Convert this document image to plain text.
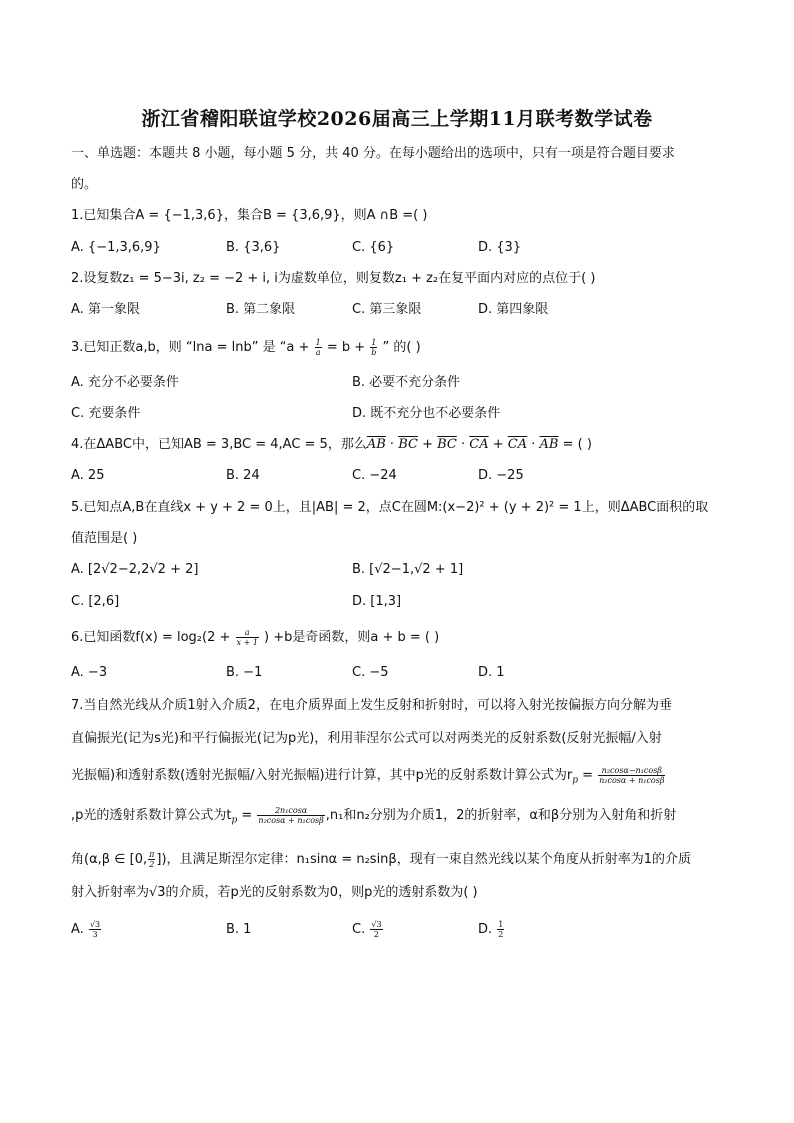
浙江省稽阳联谊学校2026届高三上学期11月联考数学试卷
一、单选题：本题共 8 小题，每小题 5 分，共 40 分。在每小题给出的选项中，只有一项是符合题目要求
的。
1.已知集合A = {−1,3,6}，集合B = {3,6,9}，则A ∩B =( )
A. {−1,3,6,9}	B. {3,6}	C. {6}	D. {3}
2.设复数z₁ = 5−3i, z₂ = −2 + i, i为虚数单位，则复数z₁ + z₂在复平面内对应的点位于( )
A. 第一象限	B. 第二象限	C. 第三象限	D. 第四象限
3.已知正数a,b，则 “lna = lnb” 是 “$a + \frac{1}{a} = b + \frac{1}{b}$ ” 的( )
A. 充分不必要条件	B. 必要不充分条件
C. 充要条件	D. 既不充分也不必要条件
4.在ΔABC中，已知AB = 3,BC = 4,AC = 5，那么$\overline{AB} \cdot \overline{BC} + \overline{BC} \cdot \overline{CA} + \overline{CA} \cdot \overline{AB}$ = ( )
A. 25	B. 24	C. −24	D. −25
5.已知点A,B在直线x + y + 2 = 0上，且|AB| = 2，点C在圆M:(x−2)² + (y + 2)² = 1上，则ΔABC面积的取
值范围是( )
A. [2√2−2,2√2 + 2]	B. [√2−1,√2 + 1]
C. [2,6]	D. [1,3]
6.已知函数$f(x) = \log_2(2 + \frac{a}{x + 1}$ ) +b是奇函数，则a + b = ( )
A. −3	B. −1	C. −5	D. 1
7.当自然光线从介质1射入介质2，在电介质界面上发生反射和折射时，可以将入射光按偏振方向分解为垂
直偏振光(记为s光)和平行偏振光(记为p光)，利用菲涅尔公式可以对两类光的反射系数(反射光振幅/入射
光振幅)和透射系数(透射光振幅/入射光振幅)进行计算，其中p光的反射系数计算公式为$r_p = \frac{\text{n₂cosα−n₁cosβ}}{\text{n₂cosα + n₁cosβ}}$
,p光的透射系数计算公式为$t_p = \frac{\text{2n₁cosα}}{\text{n₂cosα + n₁cosβ}} ,n_1$和n₂分别为介质1，2的折射率，α和β分别为入射角和折射
角(α,β ∈ [0, $\frac{\pi}{2}$ ])，且满足斯涅尔定律：n₁sinα = n₂sinβ，现有一束自然光线以某个角度从折射率为1的介质
射入折射率为√3的介质，若p光的反射系数为0，则p光的透射系数为( )
A. $\frac{√3}{3}$	B. 1	C. $\frac{√3}{2}$	D. $\frac{1}{2}$
